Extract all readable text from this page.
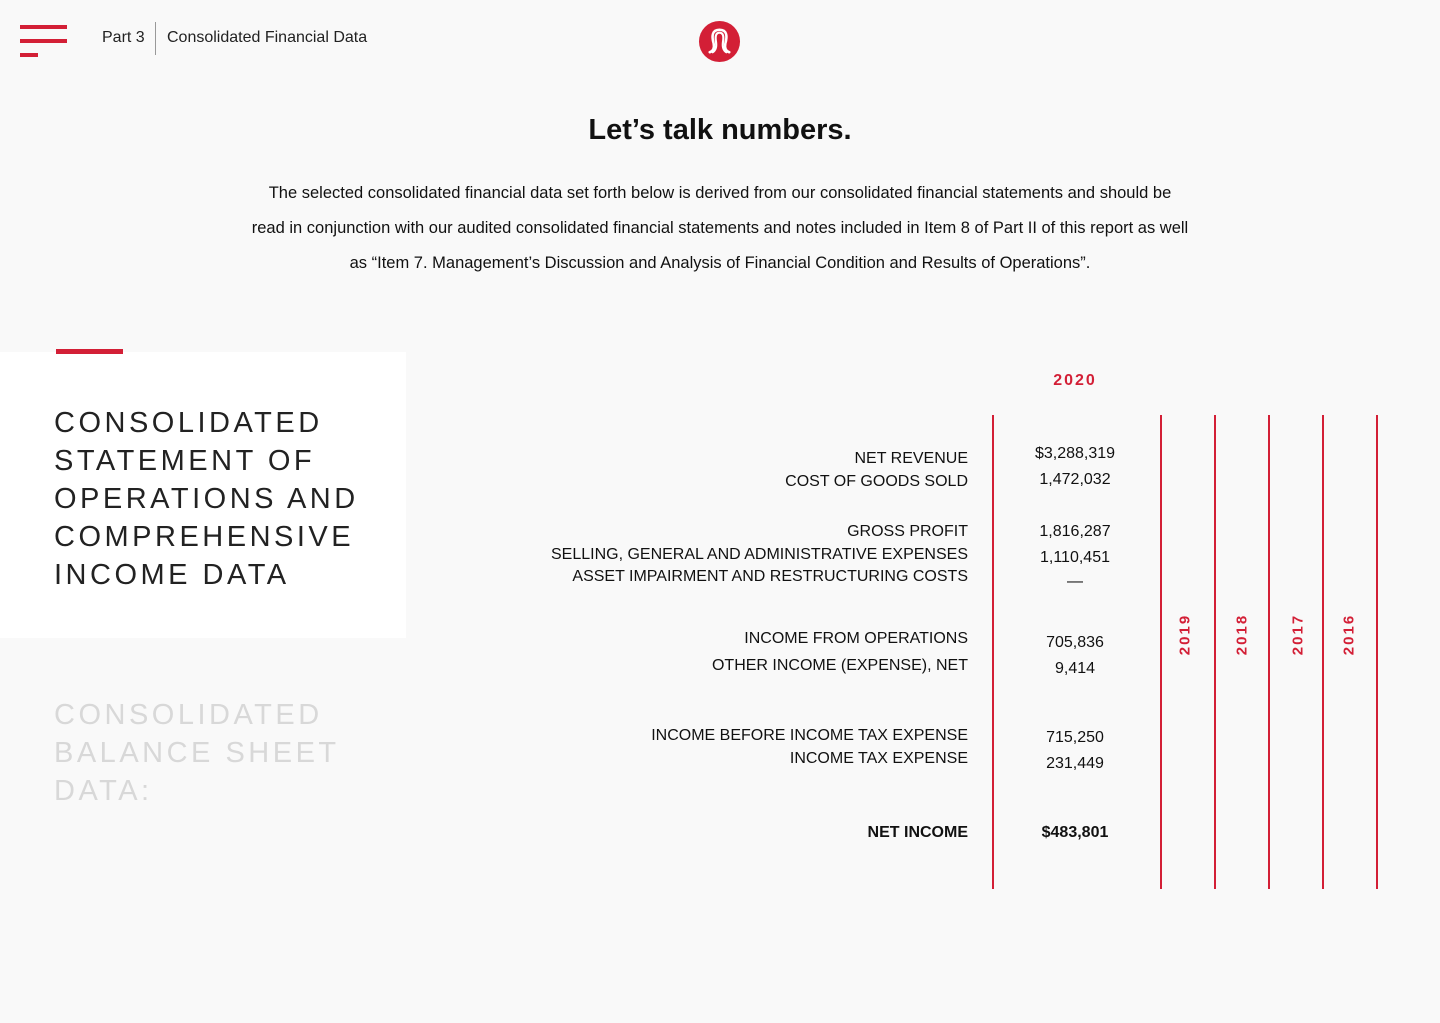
Part 3 Consolidated Financial Data
Let’s talk numbers.

The selected consolidated financial data set forth below is derived from our consolidated financial statements and should be read in conjunction with our audited consolidated financial statements and notes included in Item 8 of Part II of this report as well as “Item 7. Management’s Discussion and Analysis of Financial Condition and Results of Operations”.

CONSOLIDATED STATEMENT OF OPERATIONS AND COMPREHENSIVE INCOME DATA
CONSOLIDATED BALANCE SHEET DATA:
2020
2019	2018	2017 2016
NET REVENUE	$3,288,319
COST OF GOODS SOLD	1,472,032
GROSS PROFIT	1,816,287
SELLING, GENERAL AND ADMINISTRATIVE EXPENSES	1,110,451
ASSET IMPAIRMENT AND RESTRUCTURING COSTS	—
INCOME FROM OPERATIONS	705,836
OTHER INCOME (EXPENSE), NET	9,414
INCOME BEFORE INCOME TAX EXPENSE	715,250
INCOME TAX EXPENSE	231,449
NET INCOME	$483,801
